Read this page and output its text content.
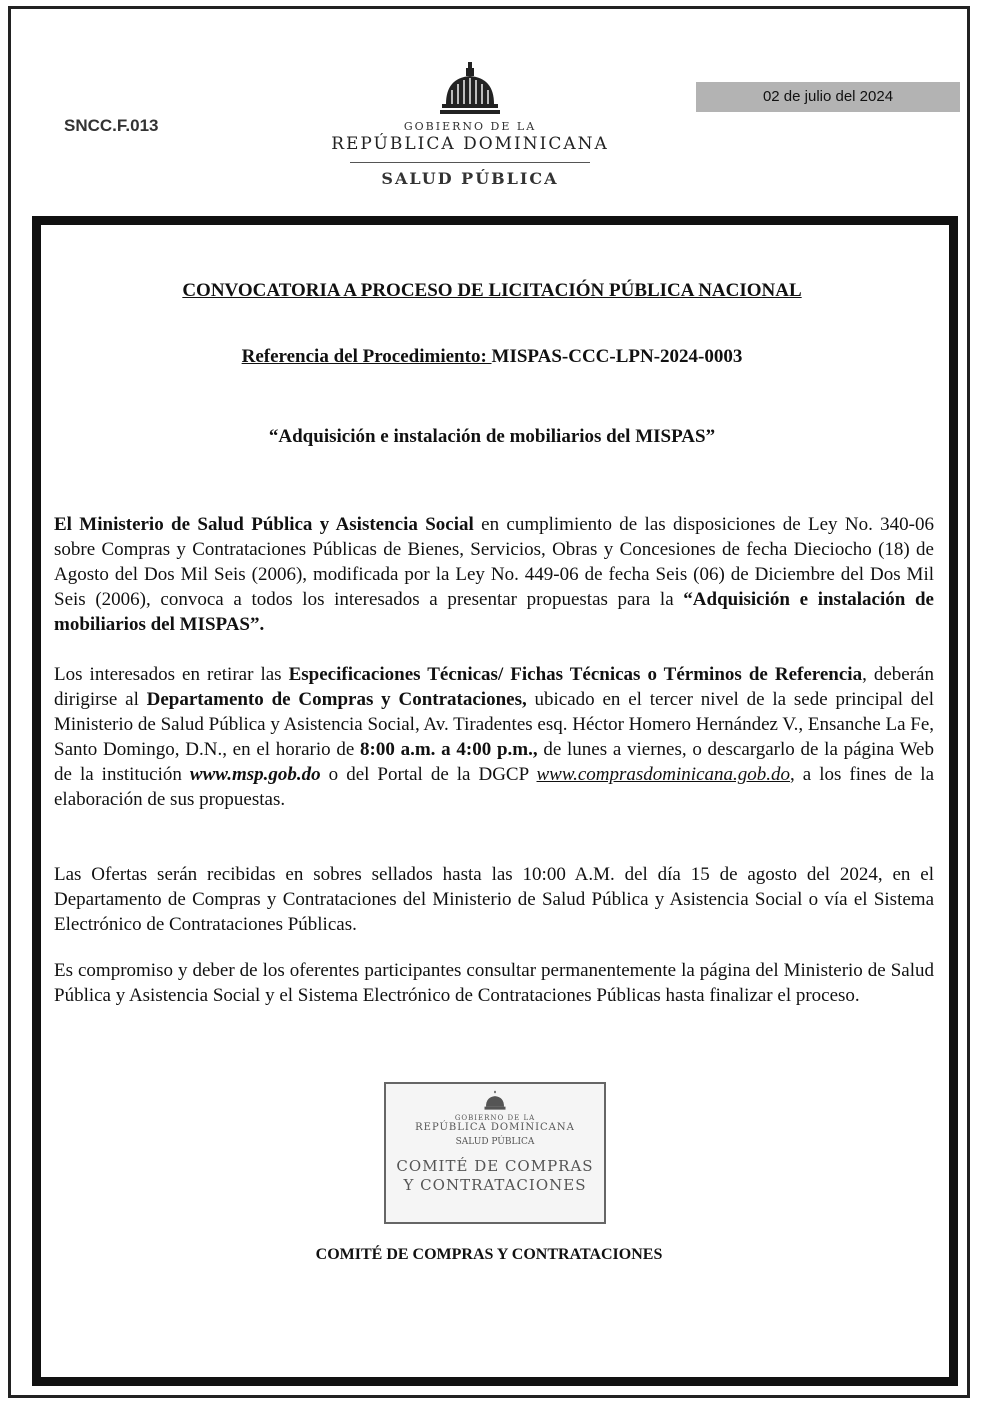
SNCC.F.013
02 de julio del 2024
GOBIERNO DE LA
REPÚBLICA DOMINICANA
SALUD PÚBLICA
CONVOCATORIA A PROCESO DE LICITACIÓN PÚBLICA NACIONAL
Referencia del Procedimiento: MISPAS-CCC-LPN-2024-0003
“Adquisición e instalación de mobiliarios del MISPAS”
El Ministerio de Salud Pública y Asistencia Social en cumplimiento de las disposiciones de Ley No. 340-06 sobre Compras y Contrataciones Públicas de Bienes, Servicios, Obras y Concesiones de fecha Dieciocho (18) de Agosto del Dos Mil Seis (2006), modificada por la Ley No. 449-06 de fecha Seis (06) de Diciembre del Dos Mil Seis (2006), convoca a todos los interesados a presentar propuestas para la “Adquisición e instalación de mobiliarios del MISPAS”.
Los interesados en retirar las Especificaciones Técnicas/ Fichas Técnicas o Términos de Referencia, deberán dirigirse al Departamento de Compras y Contrataciones, ubicado en el tercer nivel de la sede principal del Ministerio de Salud Pública y Asistencia Social, Av. Tiradentes esq. Héctor Homero Hernández V., Ensanche La Fe, Santo Domingo, D.N., en el horario de 8:00 a.m. a 4:00 p.m., de lunes a viernes, o descargarlo de la página Web de la institución www.msp.gob.do o del Portal de la DGCP www.comprasdominicana.gob.do, a los fines de la elaboración de sus propuestas.
Las Ofertas serán recibidas en sobres sellados hasta las 10:00 A.M. del día 15 de agosto del 2024, en el Departamento de Compras y Contrataciones del Ministerio de Salud Pública y Asistencia Social o vía el Sistema Electrónico de Contrataciones Públicas.
Es compromiso y deber de los oferentes participantes consultar permanentemente la página del Ministerio de Salud Pública y Asistencia Social y el Sistema Electrónico de Contrataciones Públicas hasta finalizar el proceso.
GOBIERNO DE LA
REPÚBLICA DOMINICANA
SALUD PÚBLICA
COMITÉ DE COMPRAS
Y CONTRATACIONES
COMITÉ DE COMPRAS Y CONTRATACIONES
